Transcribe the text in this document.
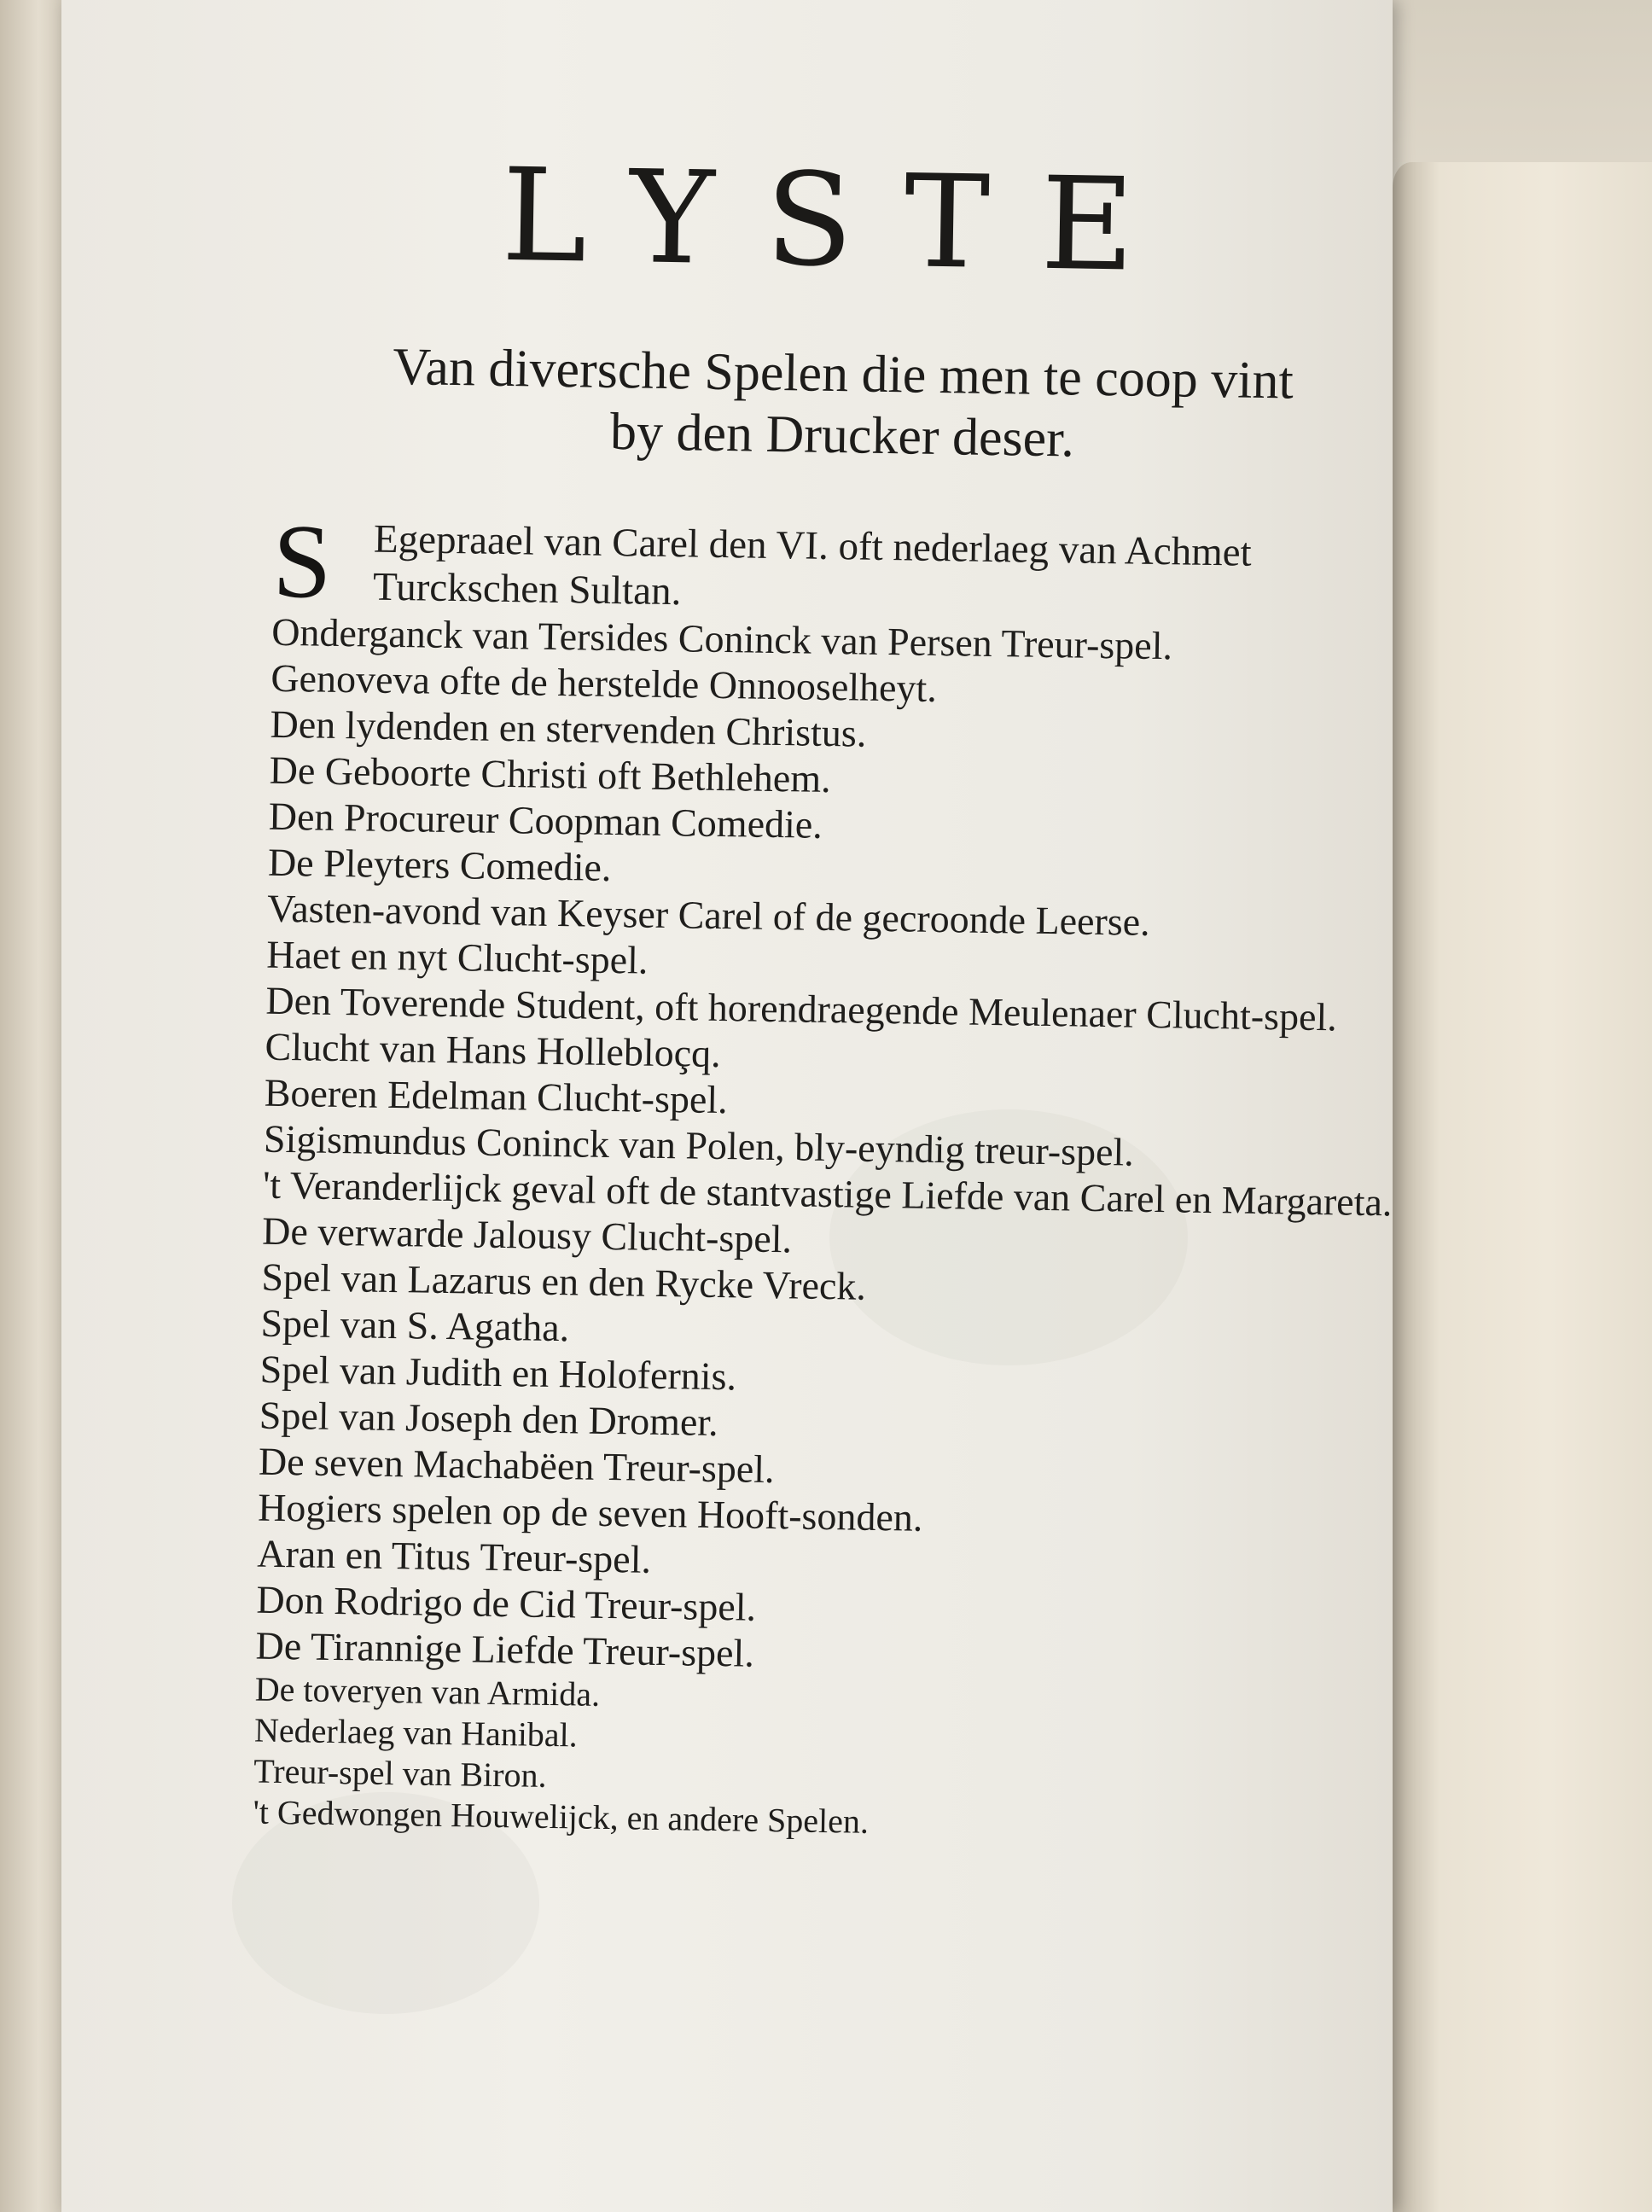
LYSTE
Van diversche Spelen die men te coop vint
by den Drucker deser.
S Egepraael van Carel den VI. oft nederlaeg van Achmet Turckschen Sultan.
Onderganck van Tersides Coninck van Persen Treur-spel.
Genoveva ofte de herstelde Onnooselheyt.
Den lydenden en stervenden Christus.
De Geboorte Christi oft Bethlehem.
Den Procureur Coopman Comedie.
De Pleyters Comedie.
Vasten-avond van Keyser Carel of de gecroonde Leerse.
Haet en nyt Clucht-spel.
Den Toverende Student, oft horendraegende Meulenaer Clucht-spel.
Clucht van Hans Hollebloçq.
Boeren Edelman Clucht-spel.
Sigismundus Coninck van Polen, bly-eyndig treur-spel.
't Veranderlijck geval oft de stantvastige Liefde van Carel en Margareta.
De verwarde Jalousy Clucht-spel.
Spel van Lazarus en den Rycke Vreck.
Spel van S. Agatha.
Spel van Judith en Holofernis.
Spel van Joseph den Dromer.
De seven Machabëen Treur-spel.
Hogiers spelen op de seven Hooft-sonden.
Aran en Titus Treur-spel.
Don Rodrigo de Cid Treur-spel.
De Tirannige Liefde Treur-spel.
De toveryen van Armida.
Nederlaeg van Hanibal.
Treur-spel van Biron.
't Gedwongen Houwelijck, en andere Spelen.
